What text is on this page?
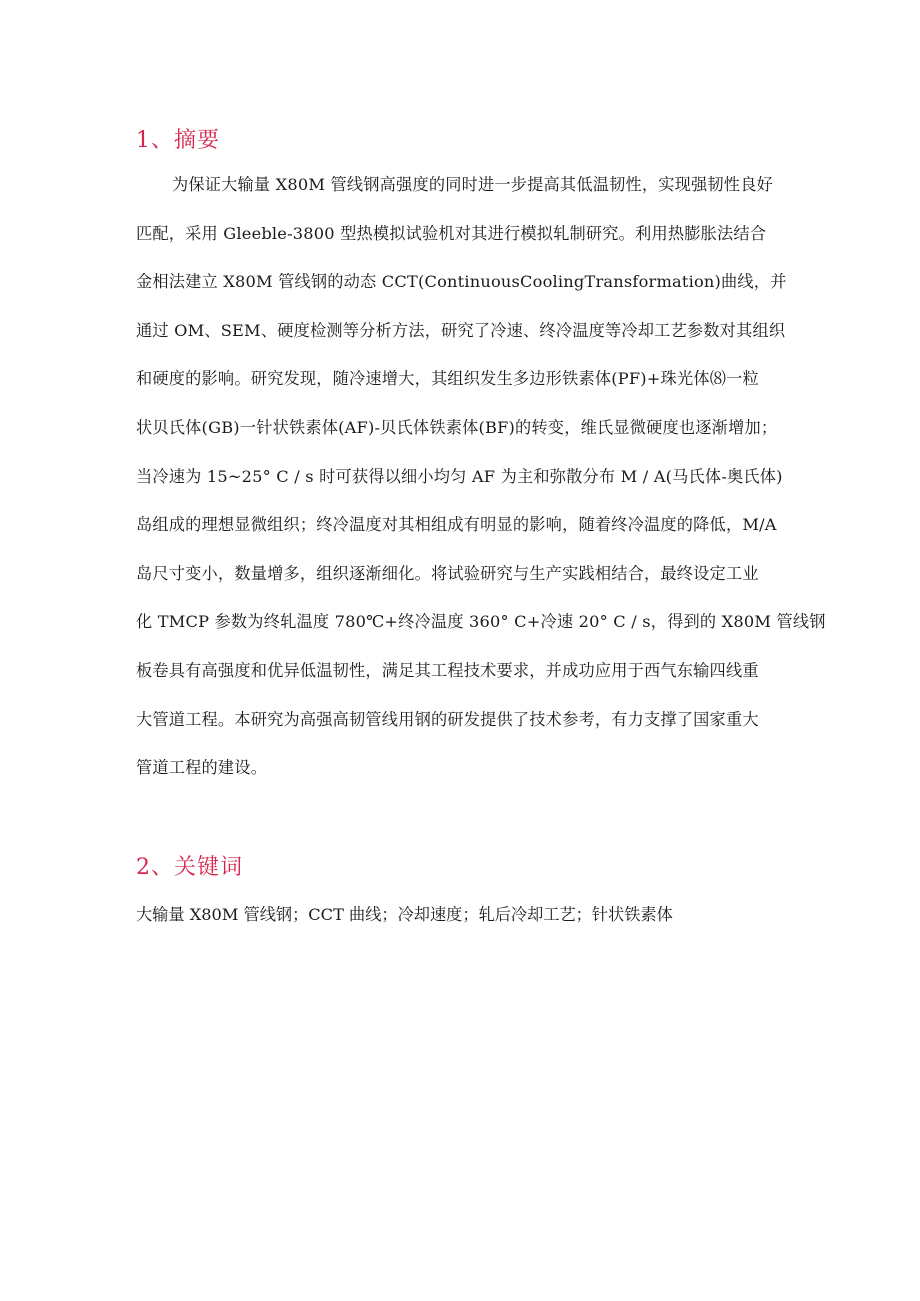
1、摘要
为保证大输量 X80M 管线钢高强度的同时进一步提高其低温韧性，实现强韧性良好
匹配，采用 Gleeble-3800 型热模拟试验机对其进行模拟轧制研究。利用热膨胀法结合
金相法建立 X80M 管线钢的动态 CCT(ContinuousCoolingTransformation)曲线，并
通过 OM、SEM、硬度检测等分析方法，研究了冷速、终冷温度等冷却工艺参数对其组织
和硬度的影响。研究发现，随冷速增大，其组织发生多边形铁素体(PF)+珠光体⑻一粒
状贝氏体(GB)一针状铁素体(AF)-贝氏体铁素体(BF)的转变，维氏显微硬度也逐渐增加；
当冷速为 15~25° C / s 时可获得以细小均匀 AF 为主和弥散分布 M / A(马氏体-奥氏体)
岛组成的理想显微组织；终冷温度对其相组成有明显的影响，随着终冷温度的降低，M/A
岛尺寸变小，数量增多，组织逐渐细化。将试验研究与生产实践相结合，最终设定工业
化 TMCP 参数为终轧温度 780℃+终冷温度 360° C+冷速 20° C / s，得到的 X80M 管线钢
板卷具有高强度和优异低温韧性，满足其工程技术要求，并成功应用于西气东输四线重
大管道工程。本研究为高强高韧管线用钢的研发提供了技术参考，有力支撑了国家重大
管道工程的建设。
2、关键词
大输量 X80M 管线钢；CCT 曲线；冷却速度；轧后冷却工艺；针状铁素体
